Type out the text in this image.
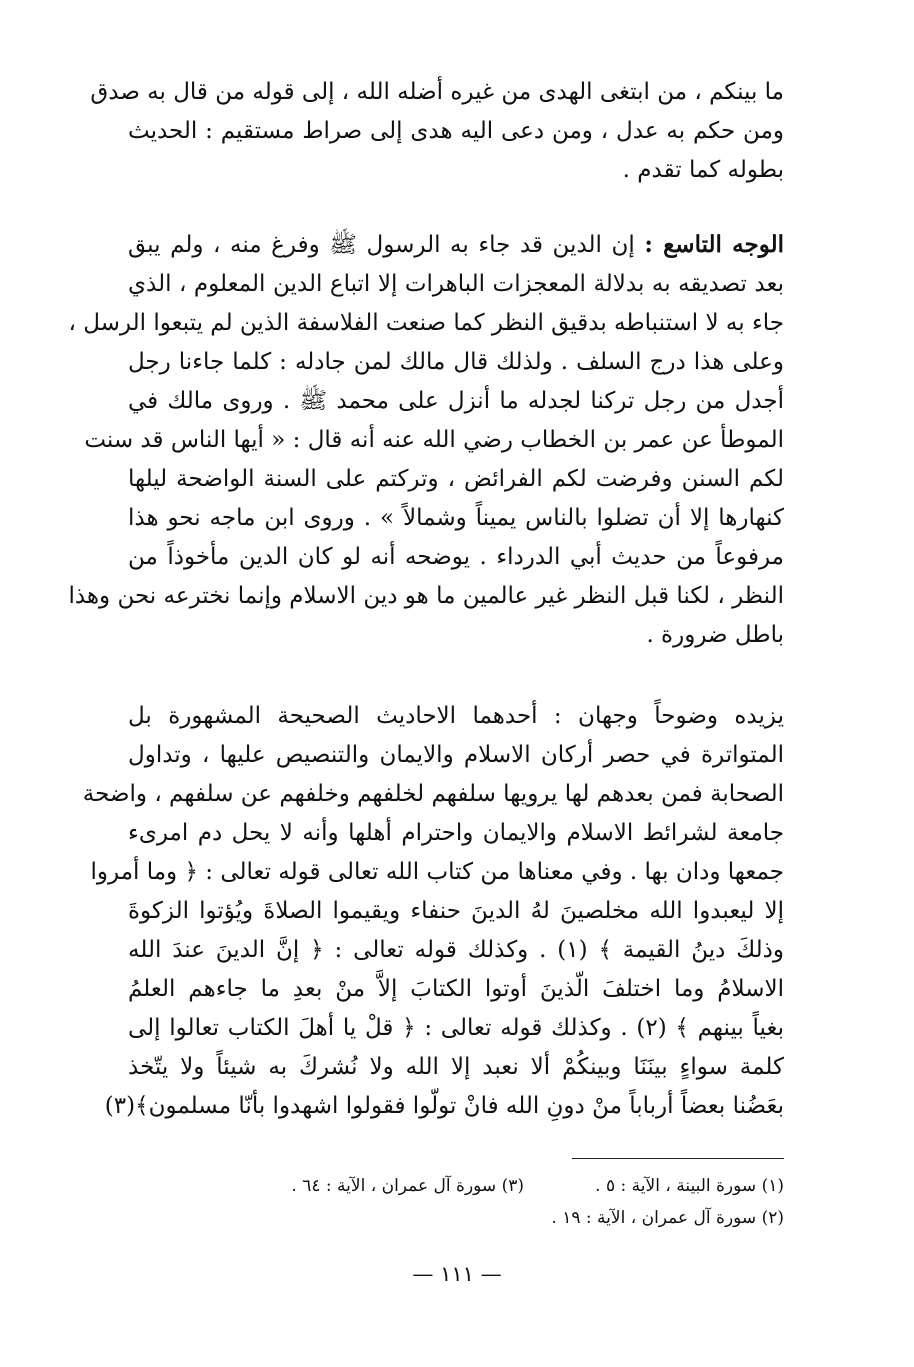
ما بينكم ، من ابتغى الهدى من غيره أضله الله ، إلى قوله من قال به صدق
ومن حكم به عدل ، ومن دعى اليه هدى إلى صراط مستقيم : الحديث
بطوله كما تقدم .
الوجه التاسع : إن الدين قد جاء به الرسول ﷺ وفرغ منه ، ولم يبق
بعد تصديقه به بدلالة المعجزات الباهرات إلا اتباع الدين المعلوم ، الذي
جاء به لا استنباطه بدقيق النظر كما صنعت الفلاسفة الذين لم يتبعوا الرسل ،
وعلى هذا درج السلف . ولذلك قال مالك لمن جادله : كلما جاءنا رجل
أجدل من رجل تركنا لجدله ما أنزل على محمد ﷺ . وروى مالك في
الموطأ عن عمر بن الخطاب رضي الله عنه أنه قال : « أيها الناس قد سنت
لكم السنن وفرضت لكم الفرائض ، وتركتم على السنة الواضحة ليلها
كنهارها إلا أن تضلوا بالناس يميناً وشمالاً » . وروى ابن ماجه نحو هذا
مرفوعاً من حديث أبي الدرداء . يوضحه أنه لو كان الدين مأخوذاً من
النظر ، لكنا قبل النظر غير عالمين ما هو دين الاسلام وإنما نخترعه نحن وهذا
باطل ضرورة .
يزيده وضوحاً وجهان : أحدهما الاحاديث الصحيحة المشهورة بل
المتواترة في حصر أركان الاسلام والايمان والتنصيص عليها ، وتداول
الصحابة فمن بعدهم لها يرويها سلفهم لخلفهم وخلفهم عن سلفهم ، واضحة
جامعة لشرائط الاسلام والايمان واحترام أهلها وأنه لا يحل دم امرىء
جمعها ودان بها . وفي معناها من كتاب الله تعالى قوله تعالى : ﴿ وما أمروا
إلا ليعبدوا الله مخلصينَ لهُ الدينَ حنفاء ويقيموا الصلاةَ ويُؤتوا الزكوةَ
وذلكَ دينُ القيمة ﴾ (١) . وكذلك قوله تعالى : ﴿ إنَّ الدينَ عندَ الله
الاسلامُ وما اختلفَ الّذينَ أوتوا الكتابَ إلاَّ منْ بعدِ ما جاءهم العلمُ
بغياً بينهم ﴾ (٢) . وكذلك قوله تعالى : ﴿ قلْ يا أهلَ الكتاب تعالوا إلى
كلمة سواءٍ بينَنَا وبينكُمْ ألا نعبد إلا الله ولا نُشركَ به شيئاً ولا يتّخذ
بعَضُنا بعضاً أرباباً منْ دونِ الله فانْ تولّوا فقولوا اشهدوا بأنّا مسلمون﴾(٣)
(١) سورة البينة ، الآية : ٥ .
(٣) سورة آل عمران ، الآية : ٦٤ .
(٢) سورة آل عمران ، الآية : ١٩ .
— ١١١ —
